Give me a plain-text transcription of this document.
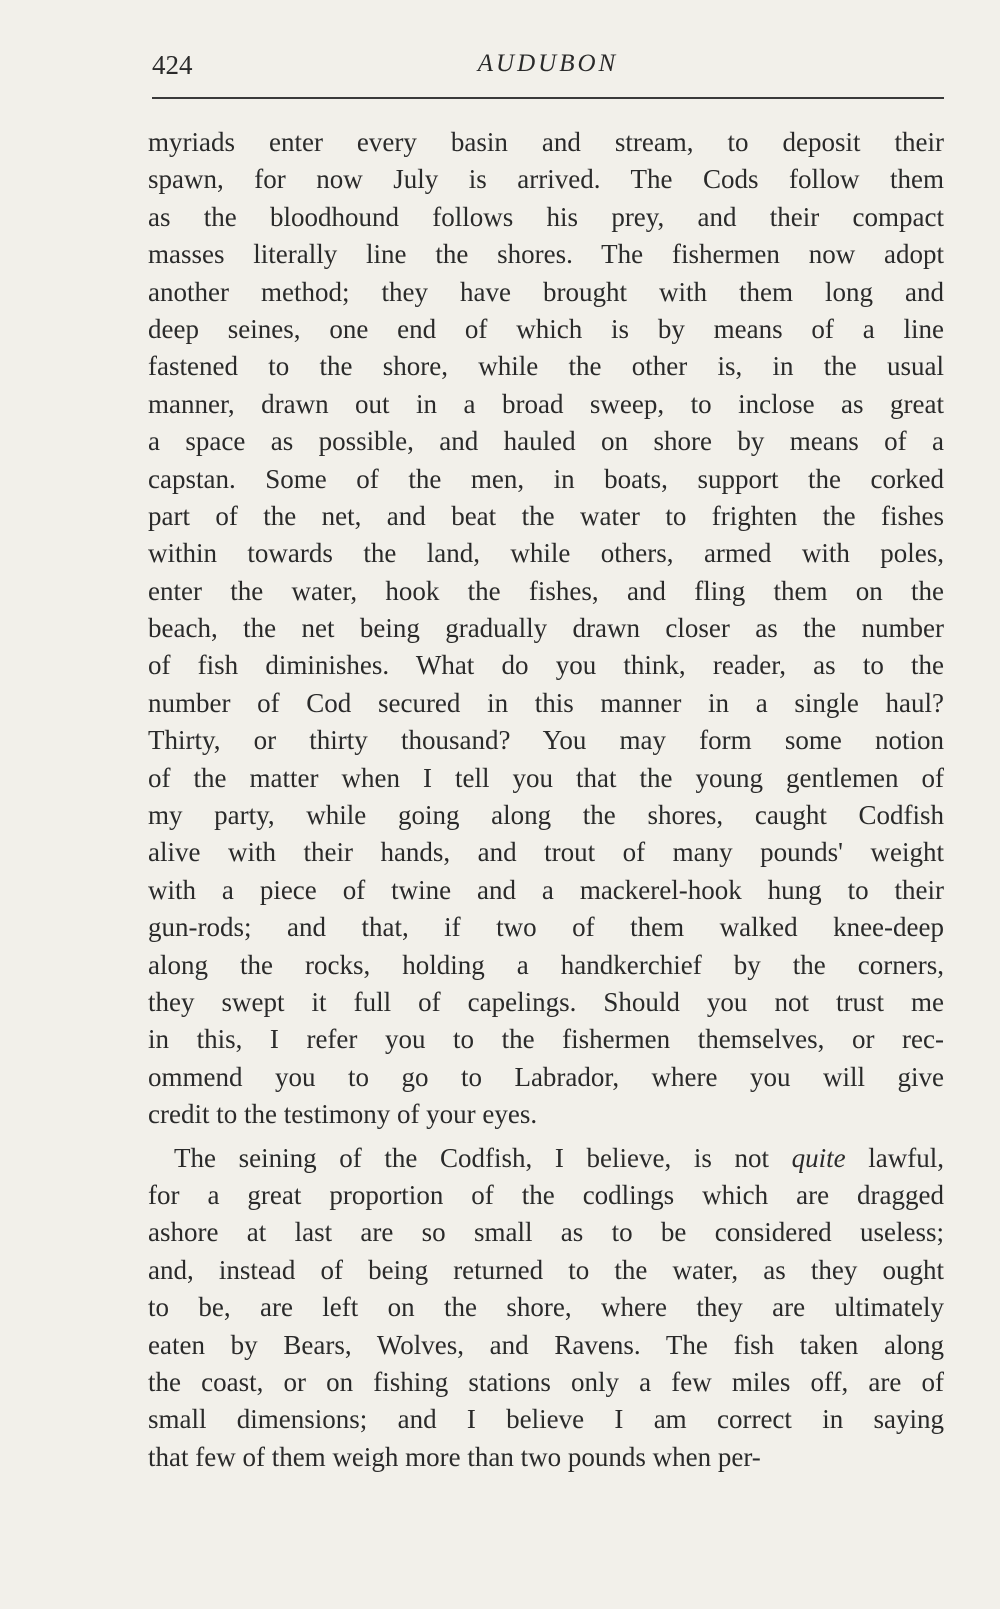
424	AUDUBON
myriads enter every basin and stream, to deposit their
spawn, for now July is arrived. The Cods follow them
as the bloodhound follows his prey, and their compact
masses literally line the shores. The fishermen now adopt
another method; they have brought with them long and
deep seines, one end of which is by means of a line
fastened to the shore, while the other is, in the usual
manner, drawn out in a broad sweep, to inclose as great
a space as possible, and hauled on shore by means of a
capstan. Some of the men, in boats, support the corked
part of the net, and beat the water to frighten the fishes
within towards the land, while others, armed with poles,
enter the water, hook the fishes, and fling them on the
beach, the net being gradually drawn closer as the number
of fish diminishes. What do you think, reader, as to the
number of Cod secured in this manner in a single haul?
Thirty, or thirty thousand? You may form some notion
of the matter when I tell you that the young gentlemen of
my party, while going along the shores, caught Codfish
alive with their hands, and trout of many pounds' weight
with a piece of twine and a mackerel-hook hung to their
gun-rods; and that, if two of them walked knee-deep
along the rocks, holding a handkerchief by the corners,
they swept it full of capelings. Should you not trust me
in this, I refer you to the fishermen themselves, or rec-
ommend you to go to Labrador, where you will give
credit to the testimony of your eyes.
The seining of the Codfish, I believe, is not quite lawful,
for a great proportion of the codlings which are dragged
ashore at last are so small as to be considered useless;
and, instead of being returned to the water, as they ought
to be, are left on the shore, where they are ultimately
eaten by Bears, Wolves, and Ravens. The fish taken along
the coast, or on fishing stations only a few miles off, are of
small dimensions; and I believe I am correct in saying
that few of them weigh more than two pounds when per-
